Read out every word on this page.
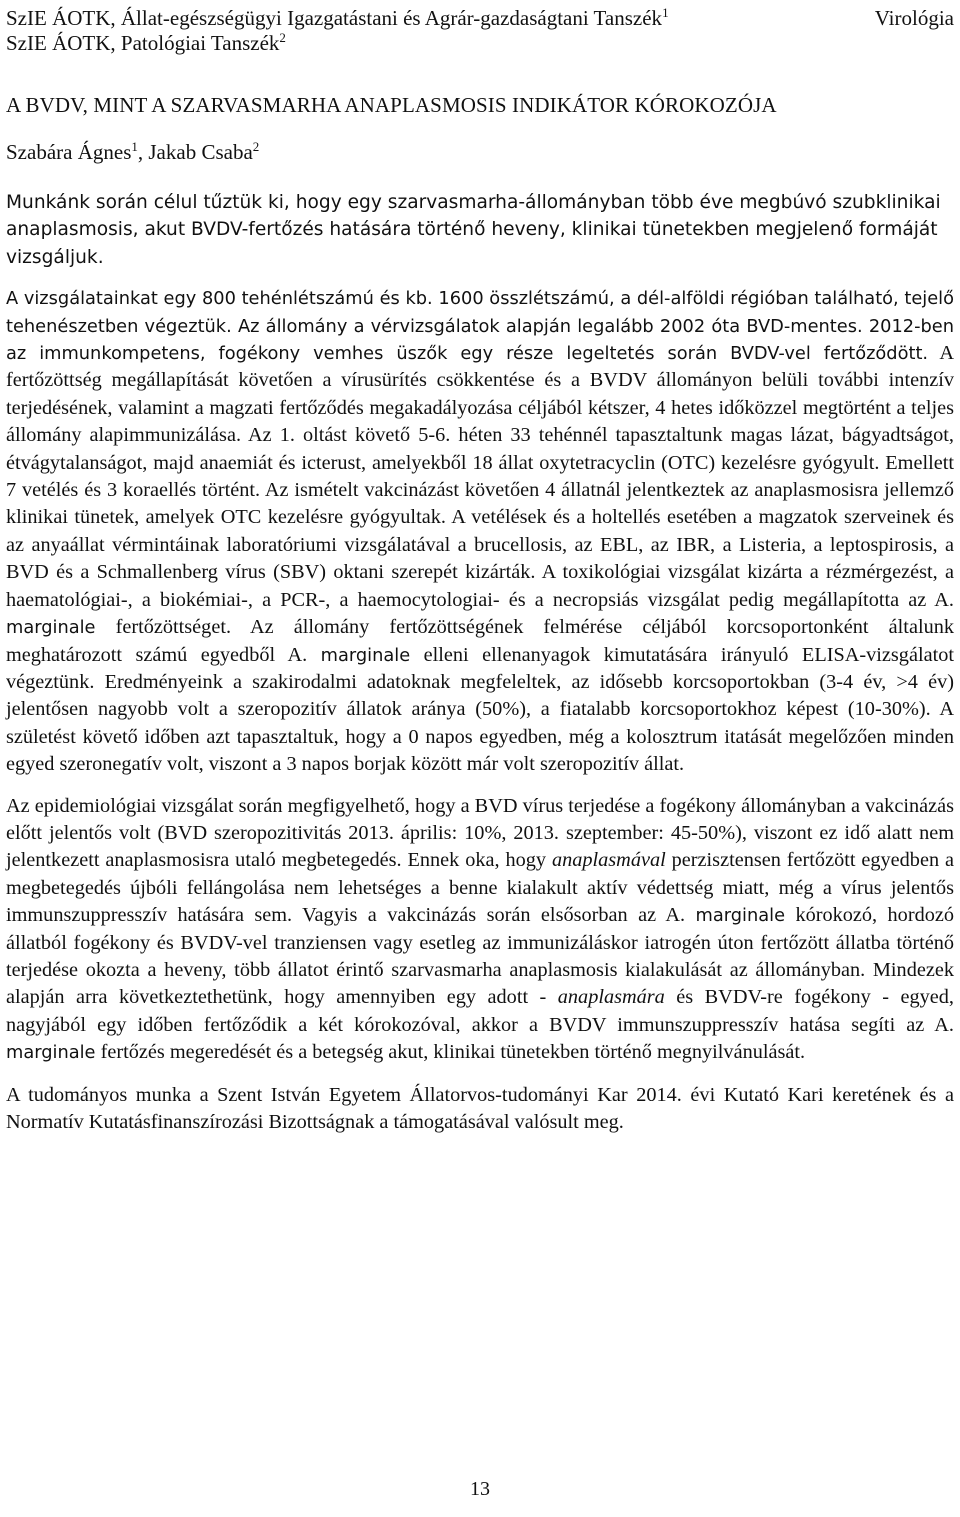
SzIE ÁOTK, Állat-egészségügyi Igazgatástani és Agrár-gazdaságtani Tanszék$^1$
SzIE ÁOTK, Patológiai Tanszék$^2$
Virológia
A BVDV, MINT A SZARVASMARHA ANAPLASMOSIS INDIKÁTOR KÓROKOZÓJA
Szabára Ágnes$^1$, Jakab Csaba$^2$

Munkánk során célul tűztük ki, hogy egy szarvasmarha-állományban több éve megbúvó szubklinikai anaplasmosis, akut BVDV-fertőzés hatására történő heveny, klinikai tünetekben megjelenő formáját vizsgáljuk.

A vizsgálatainkat egy 800 tehénlétszámú és kb. 1600 összlétszámú, a dél-alföldi régióban található, tejelő tehenészetben végeztük. Az állomány a vérvizsgálatok alapján legalább 2002 óta BVD-mentes. 2012-ben az immunkompetens, fogékony vemhes üszők egy része legeltetés során BVDV-vel fertőződött. A fertőzöttség megállapítását követően a vírusürítés csökkentése és a BVDV állományon belüli további intenzív terjedésének, valamint a magzati fertőződés megakadályozása céljából kétszer, 4 hetes időközzel megtörtént a teljes állomány alapimmunizálása. Az 1. oltást követő 5-6. héten 33 tehénnél tapasztaltunk magas lázat, bágyadtságot, étvágytalanságot, majd anaemiát és icterust, amelyekből 18 állat oxytetracyclin (OTC) kezelésre gyógyult. Emellett 7 vetélés és 3 koraellés történt. Az ismételt vakcinázást követően 4 állatnál jelentkeztek az anaplasmosisra jellemző klinikai tünetek, amelyek OTC kezelésre gyógyultak. A vetélések és a holtellés esetében a magzatok szerveinek és az anyaállat vérmintáinak laboratóriumi vizsgálatával a brucellosis, az EBL, az IBR, a Listeria, a leptospirosis, a BVD és a Schmallenberg vírus (SBV) oktani szerepét kizárták. A toxikológiai vizsgálat kizárta a rézmérgezést, a haematológiai-, a biokémiai-, a PCR-, a haemocytologiai- és a necropsiás vizsgálat pedig megállapította az A. marginale fertőzöttséget. Az állomány fertőzöttségének felmérése céljából korcsoportonként általunk meghatározott számú egyedből A. marginale elleni ellenanyagok kimutatására irányuló ELISA-vizsgálatot végeztünk. Eredményeink a szakirodalmi adatoknak megfeleltek, az idősebb korcsoportokban (3-4 év, >4 év) jelentősen nagyobb volt a szeropozitív állatok aránya (50%), a fiatalabb korcsoportokhoz képest (10-30%). A születést követő időben azt tapasztaltuk, hogy a 0 napos egyedben, még a kolosztrum itatását megelőzően minden egyed szeronegatív volt, viszont a 3 napos borjak között már volt szeropozitív állat.

Az epidemiológiai vizsgálat során megfigyelhető, hogy a BVD vírus terjedése a fogékony állományban a vakcinázás előtt jelentős volt (BVD szeropozitivitás 2013. április: 10%, 2013. szeptember: 45-50%), viszont ez idő alatt nem jelentkezett anaplasmosisra utaló megbetegedés. Ennek oka, hogy anaplasmával perzisztensen fertőzött egyedben a megbetegedés újbóli fellángolása nem lehetséges a benne kialakult aktív védettség miatt, még a vírus jelentős immunszuppresszív hatására sem. Vagyis a vakcinázás során elsősorban az A. marginale kórokozó, hordozó állatból fogékony és BVDV-vel tranziensen vagy esetleg az immunizáláskor iatrogén úton fertőzött állatba történő terjedése okozta a heveny, több állatot érintő szarvasmarha anaplasmosis kialakulását az állományban. Mindezek alapján arra következtethetünk, hogy amennyiben egy adott - anaplasmára és BVDV-re fogékony - egyed, nagyjából egy időben fertőződik a két kórokozóval, akkor a BVDV immunszuppresszív hatása segíti az A. marginale fertőzés megeredését és a betegség akut, klinikai tünetekben történő megnyilvánulását.

A tudományos munka a Szent István Egyetem Állatorvos-tudományi Kar 2014. évi Kutató Kari keretének és a Normatív Kutatásfinanszírozási Bizottságnak a támogatásával valósult meg.

13
